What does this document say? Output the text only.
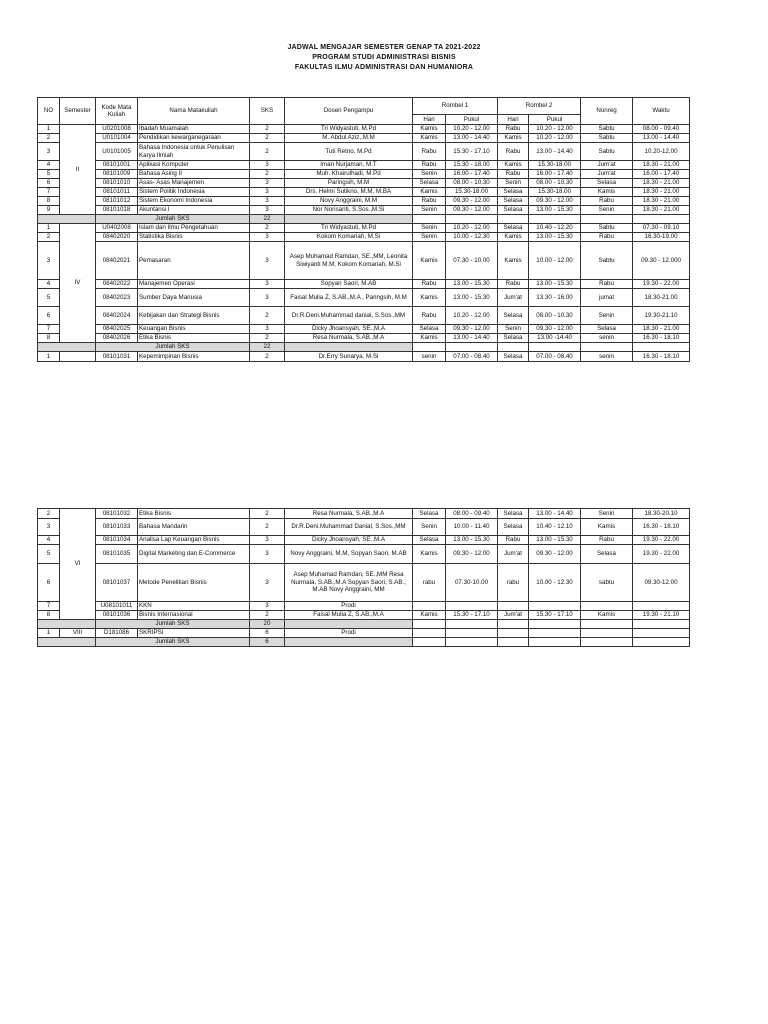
JADWAL MENGAJAR SEMESTER GENAP TA 2021-2022
PROGRAM STUDI ADMINISTRASI BISNIS
FAKULTAS ILMU ADMINISTRASI DAN HUMANIORA
NO	Semester	Kode Mata Kuliah	Nama Matakuliah	SKS	Dosen Pengampu	Rombel 1		Rombel 2		Nonreg	Waktu
						Hari	Pukul	Hari	Pukul		
1	II	U0201008	Ibadah Muamalah	2	Tri Widyastuti, M.Pd	Kamis	10.20 - 12.00	Rabu	10.20 - 12.00	Sabtu	08.00 - 09.40
2		U0101004	Pendidikan kewarganegaraan	2	M. Abdul Aziz,.M.M	Kamis	13.00 - 14.40	Kamis	10.20 - 12.00	Sabtu	13.00 - 14.40
3		U0101005	Bahasa Indonesia untuk Penulisan Karya Ilmiah	2	Tuti Retno, M.Pd	Rabu	15.30 - 17.10	Rabu	13.00 - 14.40	Sabtu	10.20-12.00
4		08101001	Aplikasi Komputer	3	Iman Nurjaman, M.T	Rabu	15.30 - 18.00	Kamis	15.30-18.00	Jum'at	18.30 - 21.00
5		08101009	Bahasa Asing II	2	Muh. Khairulhadi, M.Pd	Senin	16.00 - 17.40	Rabu	16.00 - 17.40	Jum'at	16.00 - 17.40
6		08101010	Asas- Asas Manajemen	3	Paringsih, M.M	Selasa	08.00 - 10.30	Senin	08.00 - 10.30	Selasa	18.30 - 21.00
7		08101011	Sistem Politik Indonesia	3	Drs. Helmi Sutikno, M.M, M.BA	Kamis	15.30-18.00	Selasa	15.30-18.00	Kamis	18.30 - 21.00
8		08101012	Sistem Ekonomi Indonesia	3	Novy Anggraini, M.M	Rabu	09.30 - 12.00	Selasa	09.30 - 12.00	Rabu	18.30 - 21.00
9		08101018	Akuntansi I	3	Nor Norisanti, S.Sos.,M.Si	Senin	09.30 - 12.00	Selasa	13.00 - 15.30	Senin	18.30 - 21.00
		Jumlah SKS		22							
1	IV	U0402008	Islam dan Ilmu Pengetahuan	2	Tri Widyastuti, M.Pd	Senin	10.20 - 12.00	Selasa	10.40 - 12.20	Sabtu	07.30 - 09.10
2		08402020	Statistika Bisnis	3	Kokom Komariah, M.Si	Senin	10.00 - 12.30	Kamis	13.00 - 15.30	Rabu	16.30-19.00
3		08402021	Pemasaran	3	Asep Muhamad Ramdan, SE.,MM, Leonita Siwiyanti M.M, Kokom Komariah, M.Si	Kamis	07.30 - 10.00	Kamis	10.00 - 12.00	Sabtu	09.30 - 12.000
4		08402022	Manajemen Operasi	3	Sopyan Saori, M.AB	Rabu	13.00 - 15.30	Rabu	13.00 - 15.30	Rabu	19.30 - 22.00
5		08402023	Sumber Daya Manusia	3	Faisal Mulia Z, S.AB.,M.A , Paringsih, M.M	Kamis	13.00 - 15.30	Jum'at	13.30 - 16.00	jumat	18.30-21.00
6		08402024	Kebijakan dan Strategi Bisnis	2	Dr.R.Deni.Muhammad danial, S.Sos.,MM	Rabu	10.20 - 12.00	Selasa	08.00 - 10.30	Senin	19.30-21.10
7		08402025	Keuangan Bisnis	3	Dicky Jhoansyah, SE.,M.A	Selasa	09.30 - 12.00	Senin	09.30 - 12.00	Selasa	18.30 - 21.00
8		08402026	Etika Bisnis	2	Resa Nurmala, S.AB.,M.A	Kamis	13.00 - 14.40	Selasa	13.00 -14.40	senin	16.30 - 18.10
		Jumlah SKS		22							
1		08101031	Kepemimpinan Bisnis	2	Dr.Erry Sunarya, M.Si	senin	07.00 - 08.40	Selasa	07.00 - 08.40	senin	16.30 - 18.10
2	VI	08101032	Etika Bisnis	2	Resa Nurmala, S.AB.,M.A	Selasa	08.00 - 09.40	Selasa	13.00 - 14.40	Senin	18.30-20.10
3		08101033	Bahasa Mandarin	2	Dr.R.Deni.Muhammad Danial, S.Sos.,MM	Senin	10.00 - 11.40	Selasa	10.40 - 12.10	Kamis	16.30 - 18.10
4		08101034	Analisa Lap Keuangan Bisnis	3	Dicky Jhoansyah, SE.,M.A	Selasa	13.00 - 15.30	Rabu	13.00 - 15.30	Rabu	19.30 - 22.00
5		08101035	Digital Marketing dan E-Commerce	3	Novy Anggraini, M.M, Sopyan Saori, M.AB	Kamis	09.30 - 12.00	Jum'at	09.30 - 12.00	Selasa	19.30 - 22.00
6		08101037	Metode Penelitian Bisnis	3	Asep Muhamad Ramdan, SE.,MM Resa Nurmala, S.AB.,M.A Sopyan Saori, S.AB., M.AB Novy Anggraini, MM	rabu	07.30-10.00	rabu	10.00 - 12.30	sabtu	09.30-12.00
7		U08101011	KKN	3	Prodi						
8		08101036	Bisnis Internasional	2	Faisal Mulia Z, S.AB.,M.A	Kamis	15.30 - 17.10	Jum'at	15.30 - 17.10	Kamis	19.30 - 21.10
		Jumlah SKS		20							
1	VIII	D181086	SKRIPSI	6	Prodi						
		Jumlah SKS		6							
